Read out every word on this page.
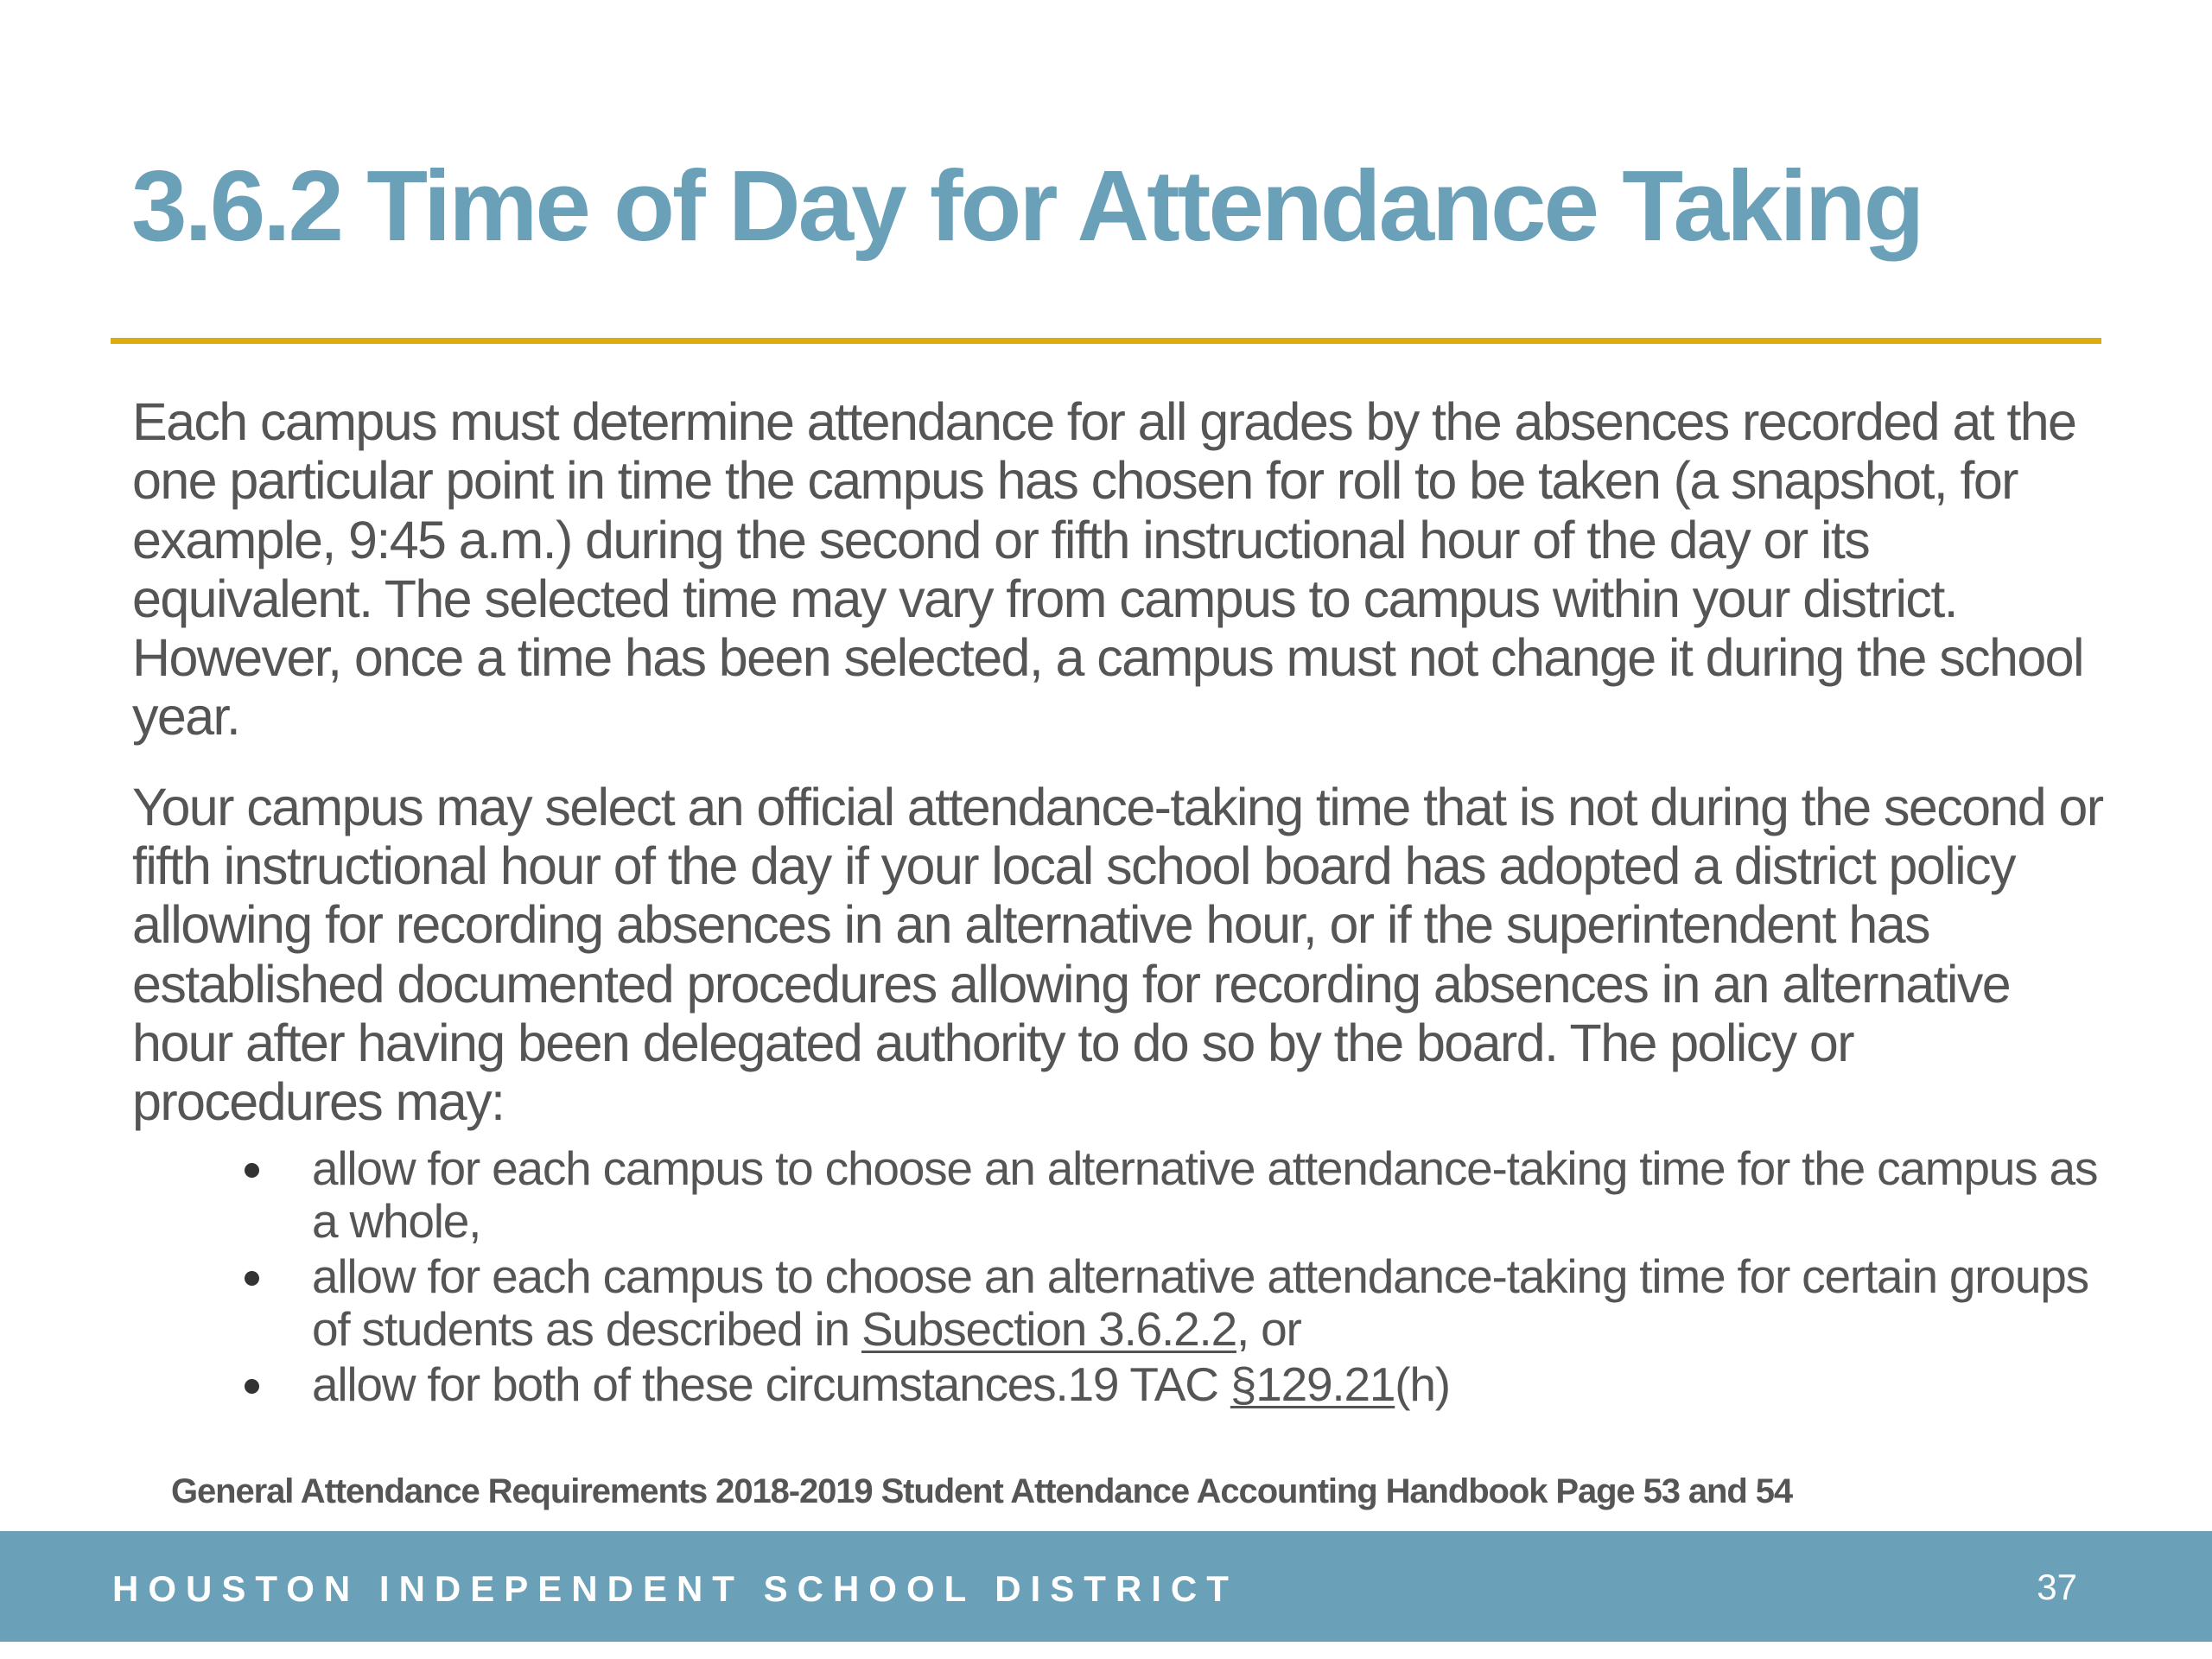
3.6.2 Time of Day for Attendance Taking

Each campus must determine attendance for all grades by the absences recorded at the one particular point in time the campus has chosen for roll to be taken (a snapshot, for example, 9:45 a.m.) during the second or fifth instructional hour of the day or its equivalent. The selected time may vary from campus to campus within your district. However, once a time has been selected, a campus must not change it during the school year.

Your campus may select an official attendance-taking time that is not during the second or fifth instructional hour of the day if your local school board has adopted a district policy allowing for recording absences in an alternative hour, or if the superintendent has established documented procedures allowing for recording absences in an alternative hour after having been delegated authority to do so by the board. The policy or procedures may:

allow for each campus to choose an alternative attendance-taking time for the campus as a whole,
allow for each campus to choose an alternative attendance-taking time for certain groups of students as described in Subsection 3.6.2.2, or
allow for both of these circumstances.19 TAC §129.21(h)
General Attendance Requirements 2018-2019 Student Attendance Accounting Handbook Page 53 and 54
HOUSTON INDEPENDENT SCHOOL DISTRICT	37
